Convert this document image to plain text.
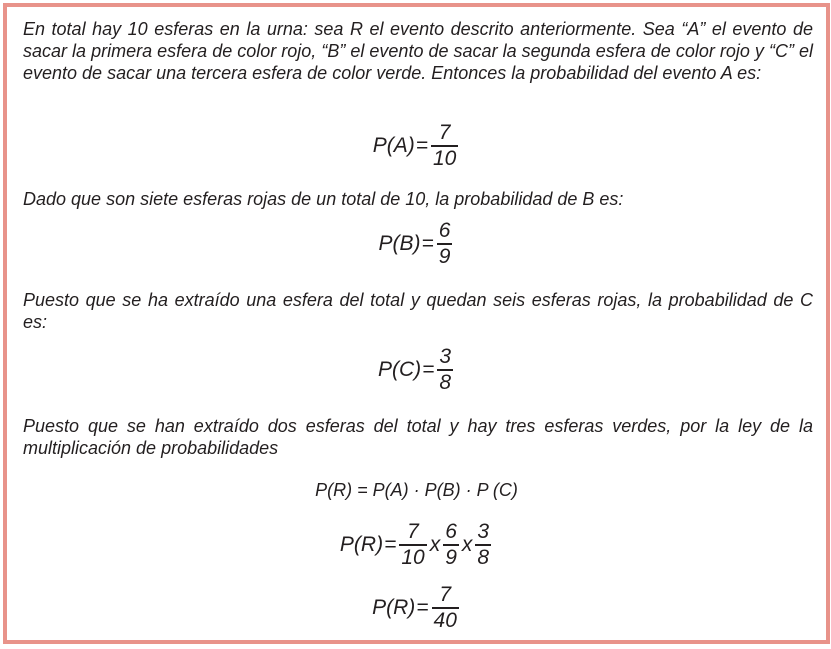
En total hay 10 esferas en la urna: sea R el evento descrito anteriormente. Sea “A” el evento de sacar la primera esfera de color rojo, “B” el evento de sacar la segunda esfera de color rojo y “C” el evento de sacar una tercera esfera de color verde. Entonces la probabilidad del evento A es:

$P(A) = \frac{7}{10}$

Dado que son siete esferas rojas de un total de 10, la probabilidad de B es:

$P(B) = \frac{6}{9}$

Puesto que se ha extraído una esfera del total y quedan seis esferas rojas, la probabilidad de C es:

$P(C) = \frac{3}{8}$

Puesto que se han extraído dos esferas del total y hay tres esferas verdes, por la ley de la multiplicación de probabilidades

P(R) = P(A) · P(B) · P (C)
$P(R) = \frac{7}{10}$ x $\frac{6}{9}$ x $\frac{3}{8}$
$P(R) = \frac{7}{40}$
